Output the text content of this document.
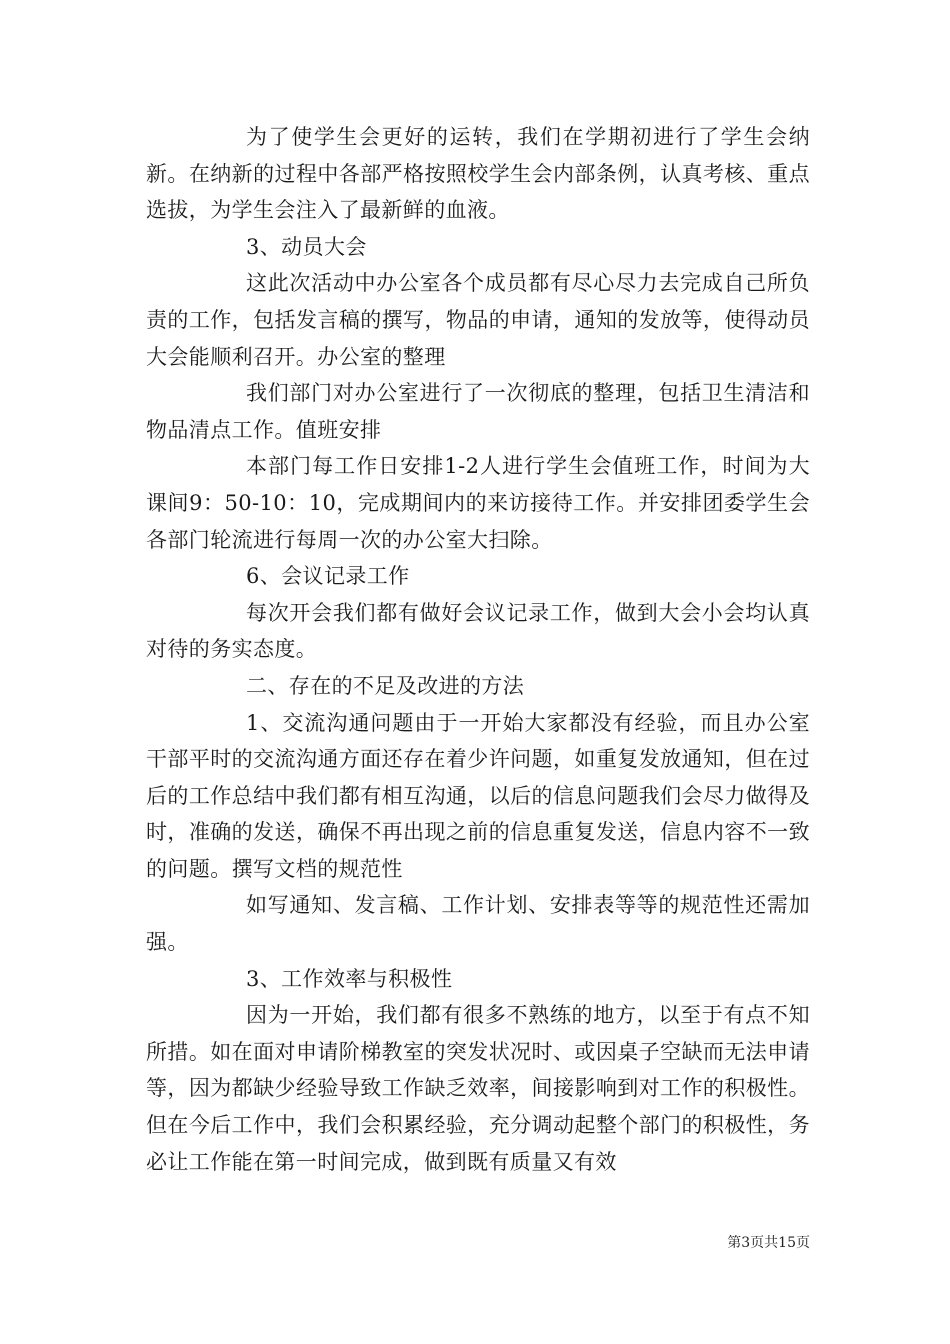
为了使学生会更好的运转，我们在学期初进行了学生会纳新。在纳新的过程中各部严格按照校学生会内部条例，认真考核、重点选拔，为学生会注入了最新鲜的血液。

3、动员大会

这此次活动中办公室各个成员都有尽心尽力去完成自己所负责的工作，包括发言稿的撰写，物品的申请，通知的发放等，使得动员大会能顺利召开。办公室的整理

我们部门对办公室进行了一次彻底的整理，包括卫生清洁和物品清点工作。值班安排

本部门每工作日安排1-2人进行学生会值班工作，时间为大课间9：50-10：10，完成期间内的来访接待工作。并安排团委学生会各部门轮流进行每周一次的办公室大扫除。

6、会议记录工作

每次开会我们都有做好会议记录工作，做到大会小会均认真对待的务实态度。

二、存在的不足及改进的方法

1、交流沟通问题由于一开始大家都没有经验，而且办公室干部平时的交流沟通方面还存在着少许问题，如重复发放通知，但在过后的工作总结中我们都有相互沟通，以后的信息问题我们会尽力做得及时，准确的发送，确保不再出现之前的信息重复发送，信息内容不一致的问题。撰写文档的规范性

如写通知、发言稿、工作计划、安排表等等的规范性还需加强。

3、工作效率与积极性

因为一开始，我们都有很多不熟练的地方，以至于有点不知所措。如在面对申请阶梯教室的突发状况时、或因桌子空缺而无法申请等，因为都缺少经验导致工作缺乏效率，间接影响到对工作的积极性。但在今后工作中，我们会积累经验，充分调动起整个部门的积极性，务必让工作能在第一时间完成，做到既有质量又有效

第3页共15页
